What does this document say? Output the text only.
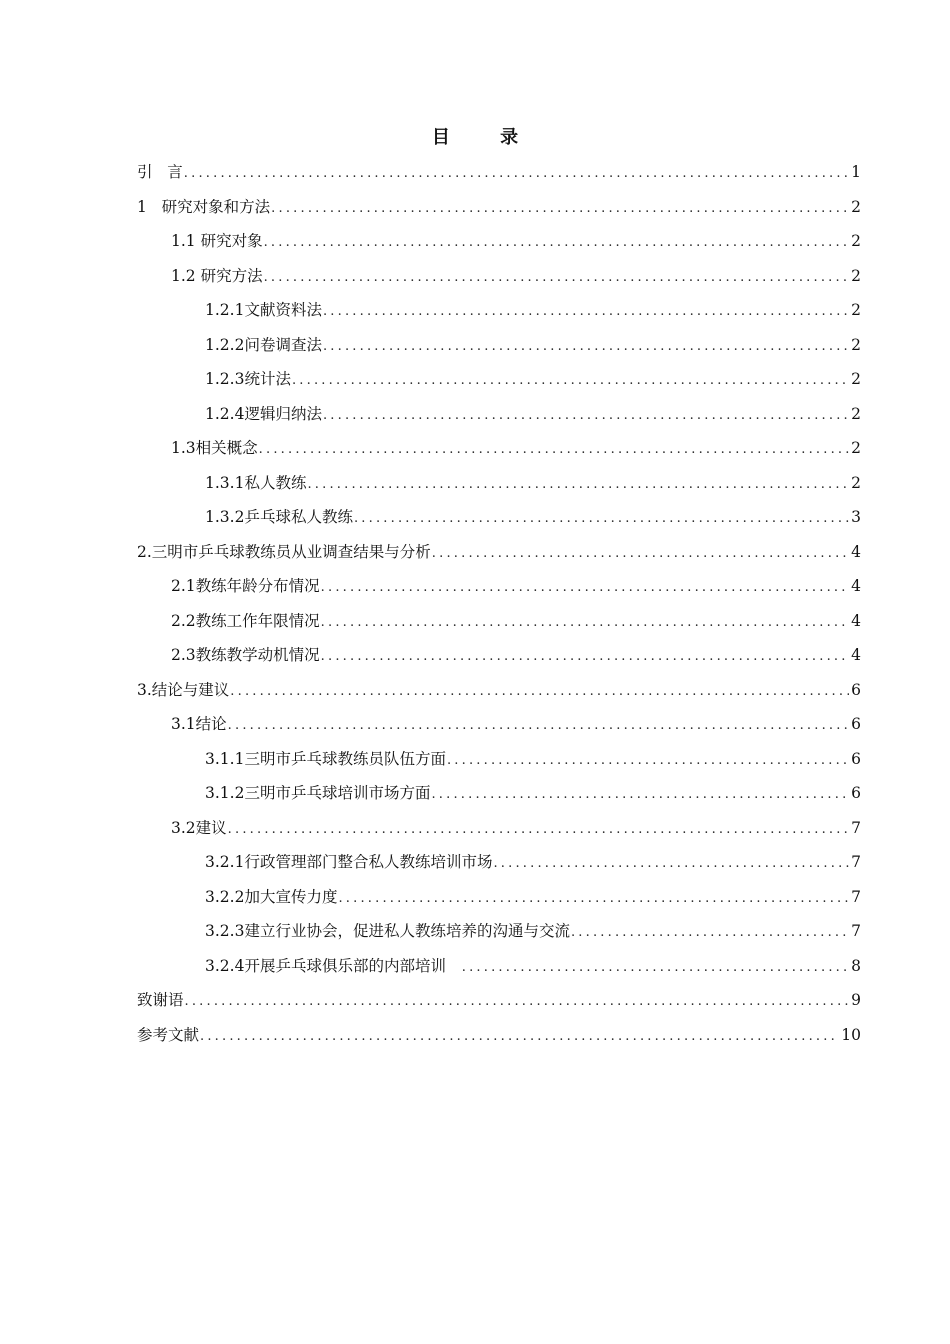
目 录
引   言 .....	1
1   研究对象和方法 .....	2
1.1 研究对象 .....	2
1.2 研究方法 .....	2
1.2.1文献资料法 .....	2
1.2.2问卷调查法 .....	2
1.2.3统计法 .....	2
1.2.4逻辑归纳法 .....	2
1.3相关概念 .....	2
1.3.1私人教练 .....	2
1.3.2乒乓球私人教练 .....	3
2.三明市乒乓球教练员从业调查结果与分析 .....	4
2.1教练年龄分布情况 .....	4
2.2教练工作年限情况 .....	4
2.3教练教学动机情况 .....	4
3.结论与建议 .....	6
3.1结论 .....	6
3.1.1三明市乒乓球教练员队伍方面 .....	6
3.1.2三明市乒乓球培训市场方面 .....	6
3.2建议 .....	7
3.2.1行政管理部门整合私人教练培训市场 .....	7
3.2.2加大宣传力度 .....	7
3.2.3建立行业协会，促进私人教练培养的沟通与交流 .....	7
3.2.4开展乒乓球俱乐部的内部培训 .....	8
致谢语 .....	9
参考文献 .....	10
